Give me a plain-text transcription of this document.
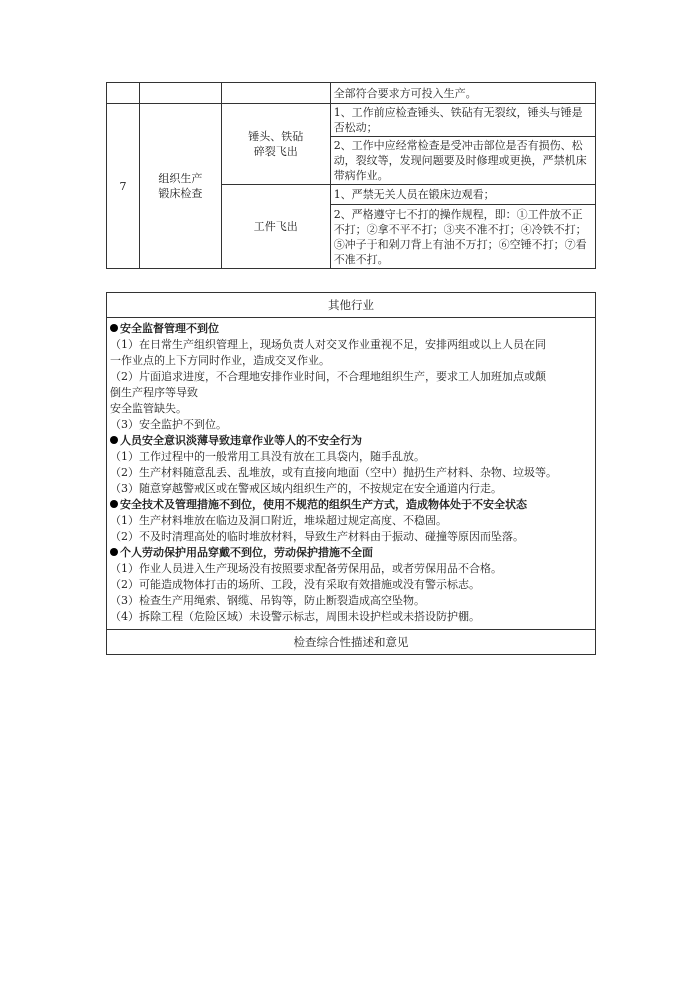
			全部符合要求方可投入生产。
7	组织生产锻床检查	锤头、铁砧碎裂飞出	1、工作前应检查锤头、铁砧有无裂纹，锤头与锤是否松动；
			2、工作中应经常检查是受冲击部位是否有损伤、松动，裂纹等，发现问题要及时修理或更换，严禁机床带病作业。
		工件飞出	1、严禁无关人员在锻床边观看；
			2、严格遵守七不打的操作规程，即：①工件放不正不打；②拿不平不打；③夹不准不打；④冷铁不打；⑤冲子于和剁刀背上有油不万打；⑥空锤不打；⑦看不准不打。
其他行业

安全监督管理不到位
（1）在日常生产组织管理上，现场负责人对交叉作业重视不足，安排两组或以上人员在同
一作业点的上下方同时作业，造成交叉作业。
（2）片面追求进度，不合理地安排作业时间，不合理地组织生产，要求工人加班加点或颠
倒生产程序等导致
安全监管缺失。
（3）安全监护不到位。
人员安全意识淡薄导致违章作业等人的不安全行为
（1）工作过程中的一般常用工具没有放在工具袋内，随手乱放。
（2）生产材料随意乱丢、乱堆放，或有直接向地面（空中）抛扔生产材料、杂物、垃圾等。
（3）随意穿越警戒区或在警戒区域内组织生产的，不按规定在安全通道内行走。
安全技术及管理措施不到位，使用不规范的组织生产方式，造成物体处于不安全状态
（1）生产材料堆放在临边及洞口附近，堆垛超过规定高度、不稳固。
（2）不及时清理高处的临时堆放材料，导致生产材料由于振动、碰撞等原因而坠落。
个人劳动保护用品穿戴不到位，劳动保护措施不全面
（1）作业人员进入生产现场没有按照要求配备劳保用品，或者劳保用品不合格。
（2）可能造成物体打击的场所、工段，没有采取有效措施或没有警示标志。
（3）检查生产用绳索、钢缆、吊钩等，防止断裂造成高空坠物。
（4）拆除工程（危险区域）未设警示标志，周围未设护栏或未搭设防护棚。

检查综合性描述和意见
